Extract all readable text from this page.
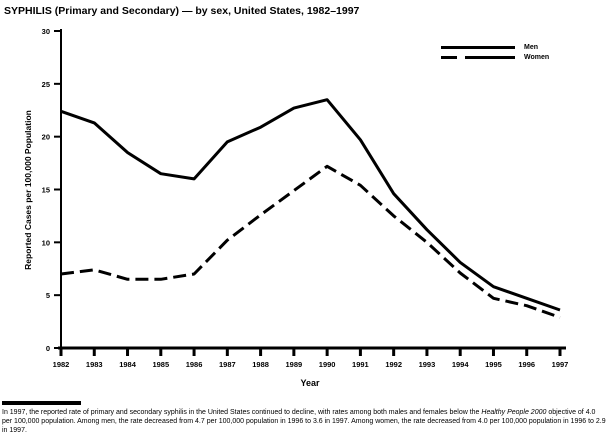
SYPHILIS (Primary and Secondary) — by sex, United States, 1982–1997
0
5
10
15
20
25
30
1982 1983 1984 1985 1986 1987 1988 1989 1990 1991 1992 1993 1994 1995 1996 1997
Reported Cases per 100,000 Population
Year
Men
Women
In 1997, the reported rate of primary and secondary syphilis in the United States continued to decline, with rates among both males and females below the Healthy People 2000 objective of 4.0 per 100,000 population. Among men, the rate decreased from 4.7 per 100,000 population in 1996 to 3.6 in 1997. Among women, the rate decreased from 4.0 per 100,000 population in 1996 to 2.9 in 1997.
